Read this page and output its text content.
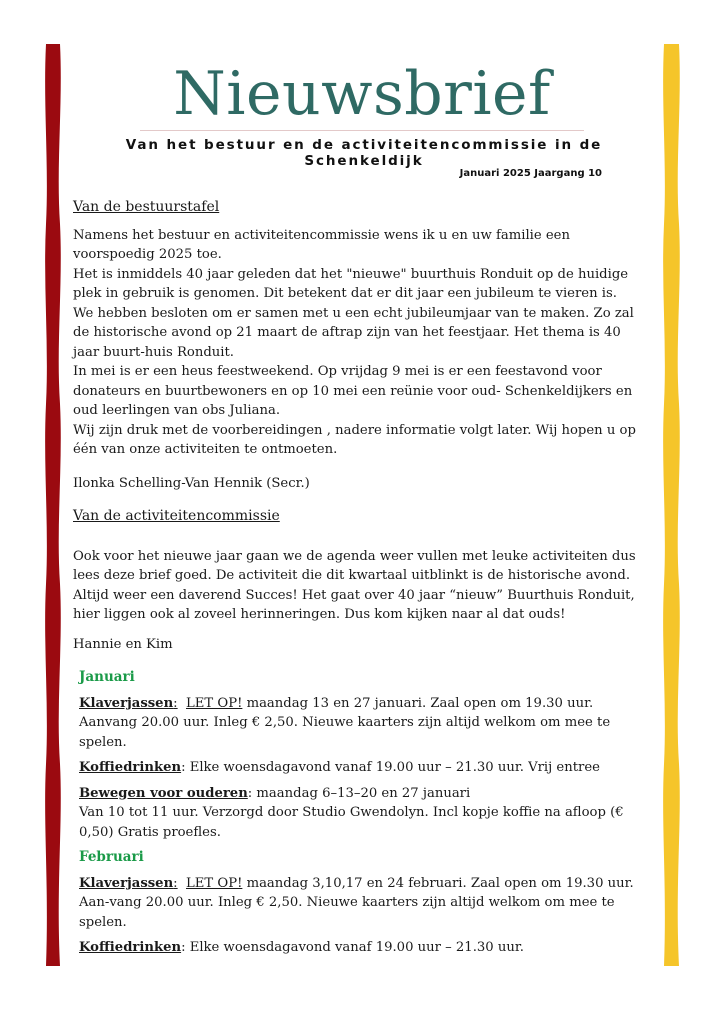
Nieuwsbrief
Van het bestuur en de activiteitencommissie in de Schenkeldijk
Januari 2025 Jaargang 10

Van de bestuurstafel

Namens het bestuur en activiteitencommissie wens ik u en uw familie een voorspoedig 2025 toe.

Het is inmiddels 40 jaar geleden dat het "nieuwe" buurthuis Ronduit op de huidige plek in gebruik is genomen. Dit betekent dat er dit jaar een jubileum te vieren is.

We hebben besloten om er samen met u een echt jubileumjaar van te maken. Zo zal de historische avond op 21 maart de aftrap zijn van het feestjaar. Het thema is 40 jaar buurt-huis Ronduit.

In mei is er een heus feestweekend. Op vrijdag 9 mei is er een feestavond voor donateurs en buurtbewoners en op 10 mei een reünie voor oud- Schenkeldijkers en oud leerlingen van obs Juliana.

Wij zijn druk met de voorbereidingen , nadere informatie volgt later. Wij hopen u op één van onze activiteiten te ontmoeten.

Ilonka Schelling-Van Hennik (Secr.)

Van de activiteitencommissie

Ook voor het nieuwe jaar gaan we de agenda weer vullen met leuke activiteiten dus lees deze brief goed. De activiteit die dit kwartaal uitblinkt is de historische avond. Altijd weer een daverend Succes! Het gaat over 40 jaar “nieuw” Buurthuis Ronduit, hier liggen ook al zoveel herinneringen. Dus kom kijken naar al dat ouds!

Hannie en Kim

Januari

Klaverjassen: LET OP! maandag 13 en 27 januari. Zaal open om 19.30 uur. Aanvang 20.00 uur. Inleg € 2,50. Nieuwe kaarters zijn altijd welkom om mee te spelen.

Koffiedrinken: Elke woensdagavond vanaf 19.00 uur – 21.30 uur. Vrij entree

Bewegen voor ouderen: maandag 6–13–20 en 27 januari

Van 10 tot 11 uur. Verzorgd door Studio Gwendolyn. Incl kopje koffie na afloop (€ 0,50) Gratis proefles.

Februari

Klaverjassen: LET OP! maandag 3,10,17 en 24 februari. Zaal open om 19.30 uur. Aan-vang 20.00 uur. Inleg € 2,50. Nieuwe kaarters zijn altijd welkom om mee te spelen.

Koffiedrinken: Elke woensdagavond vanaf 19.00 uur – 21.30 uur.
